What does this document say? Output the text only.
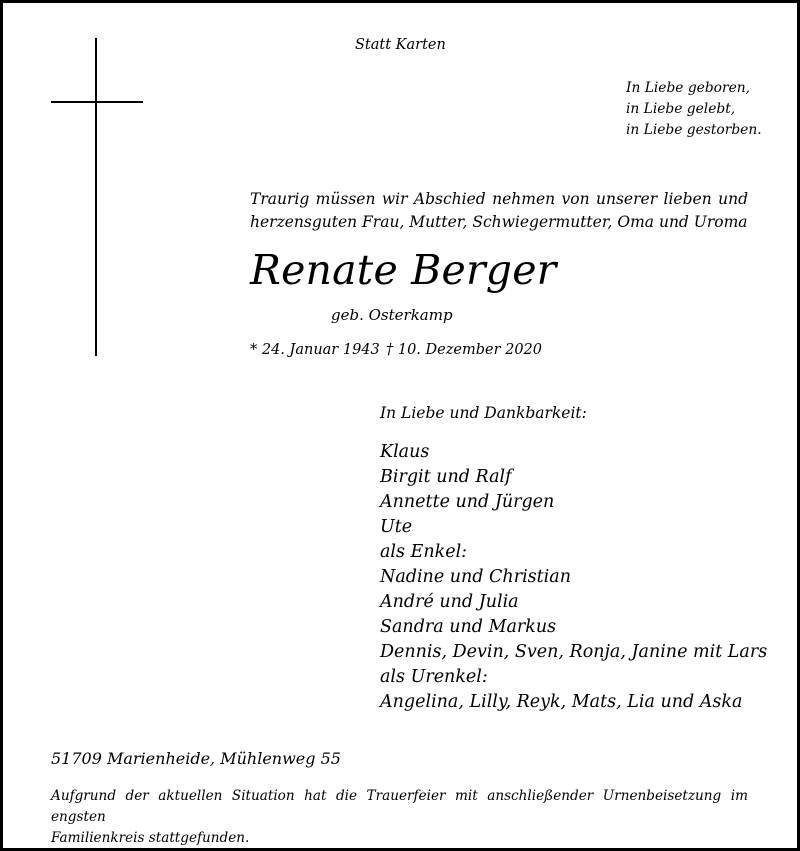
Statt Karten
In Liebe geboren,
in Liebe gelebt,
in Liebe gestorben.
Traurig müssen wir Abschied nehmen von unserer lieben und
herzensguten Frau, Mutter, Schwiegermutter, Oma und Uroma
Renate Berger
geb. Osterkamp
* 24. Januar 1943 † 10. Dezember 2020
In Liebe und Dankbarkeit:
Klaus
Birgit und Ralf
Annette und Jürgen
Ute
als Enkel:
Nadine und Christian
André und Julia
Sandra und Markus
Dennis, Devin, Sven, Ronja, Janine mit Lars
als Urenkel:
Angelina, Lilly, Reyk, Mats, Lia und Aska
51709 Marienheide, Mühlenweg 55
Aufgrund der aktuellen Situation hat die Trauerfeier mit anschließender Urnenbeisetzung im engsten
Familienkreis stattgefunden.
